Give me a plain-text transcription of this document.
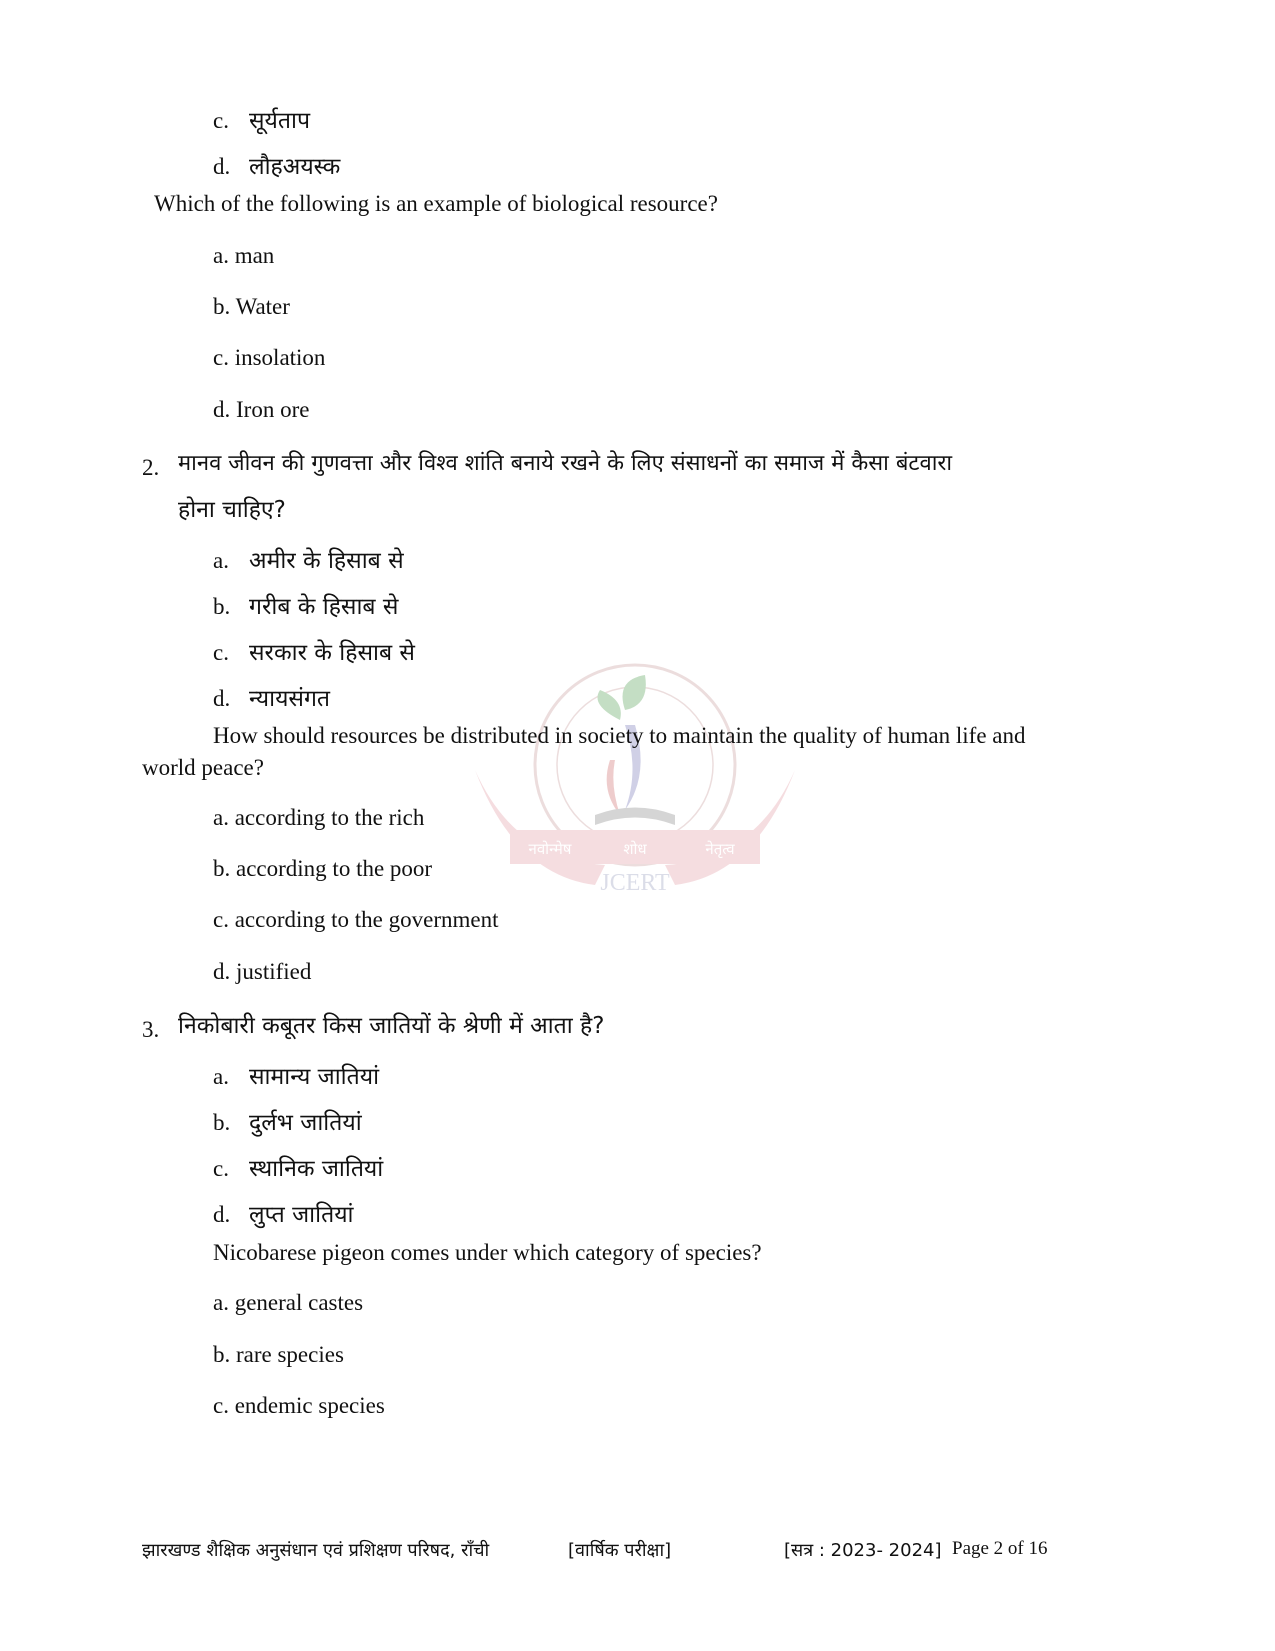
नवोन्मेष	शोध	नेतृत्व
JCERT
c. सूर्यताप
d. लौहअयस्क
Which of the following is an example of biological resource?
a. man
b. Water
c. insolation
d. Iron ore
2. मानव जीवन की गुणवत्ता और विश्व शांति बनाये रखने के लिए संसाधनों का समाज में कैसा बंटवारा
होना चाहिए?
a. अमीर के हिसाब से
b. गरीब के हिसाब से
c. सरकार के हिसाब से
d. न्यायसंगत
How should resources be distributed in society to maintain the quality of human life and
world peace?
a. according to the rich
b. according to the poor
c. according to the government
d. justified
3. निकोबारी कबूतर किस जातियों के श्रेणी में आता है?
a. सामान्य जातियां
b. दुर्लभ जातियां
c. स्थानिक जातियां
d. लुप्त जातियां
Nicobarese pigeon comes under which category of species?
a. general castes
b. rare species
c. endemic species
झारखण्ड शैक्षिक अनुसंधान एवं प्रशिक्षण परिषद, राँची	[वार्षिक परीक्षा]	[सत्र : 2023- 2024] Page 2 of 16
